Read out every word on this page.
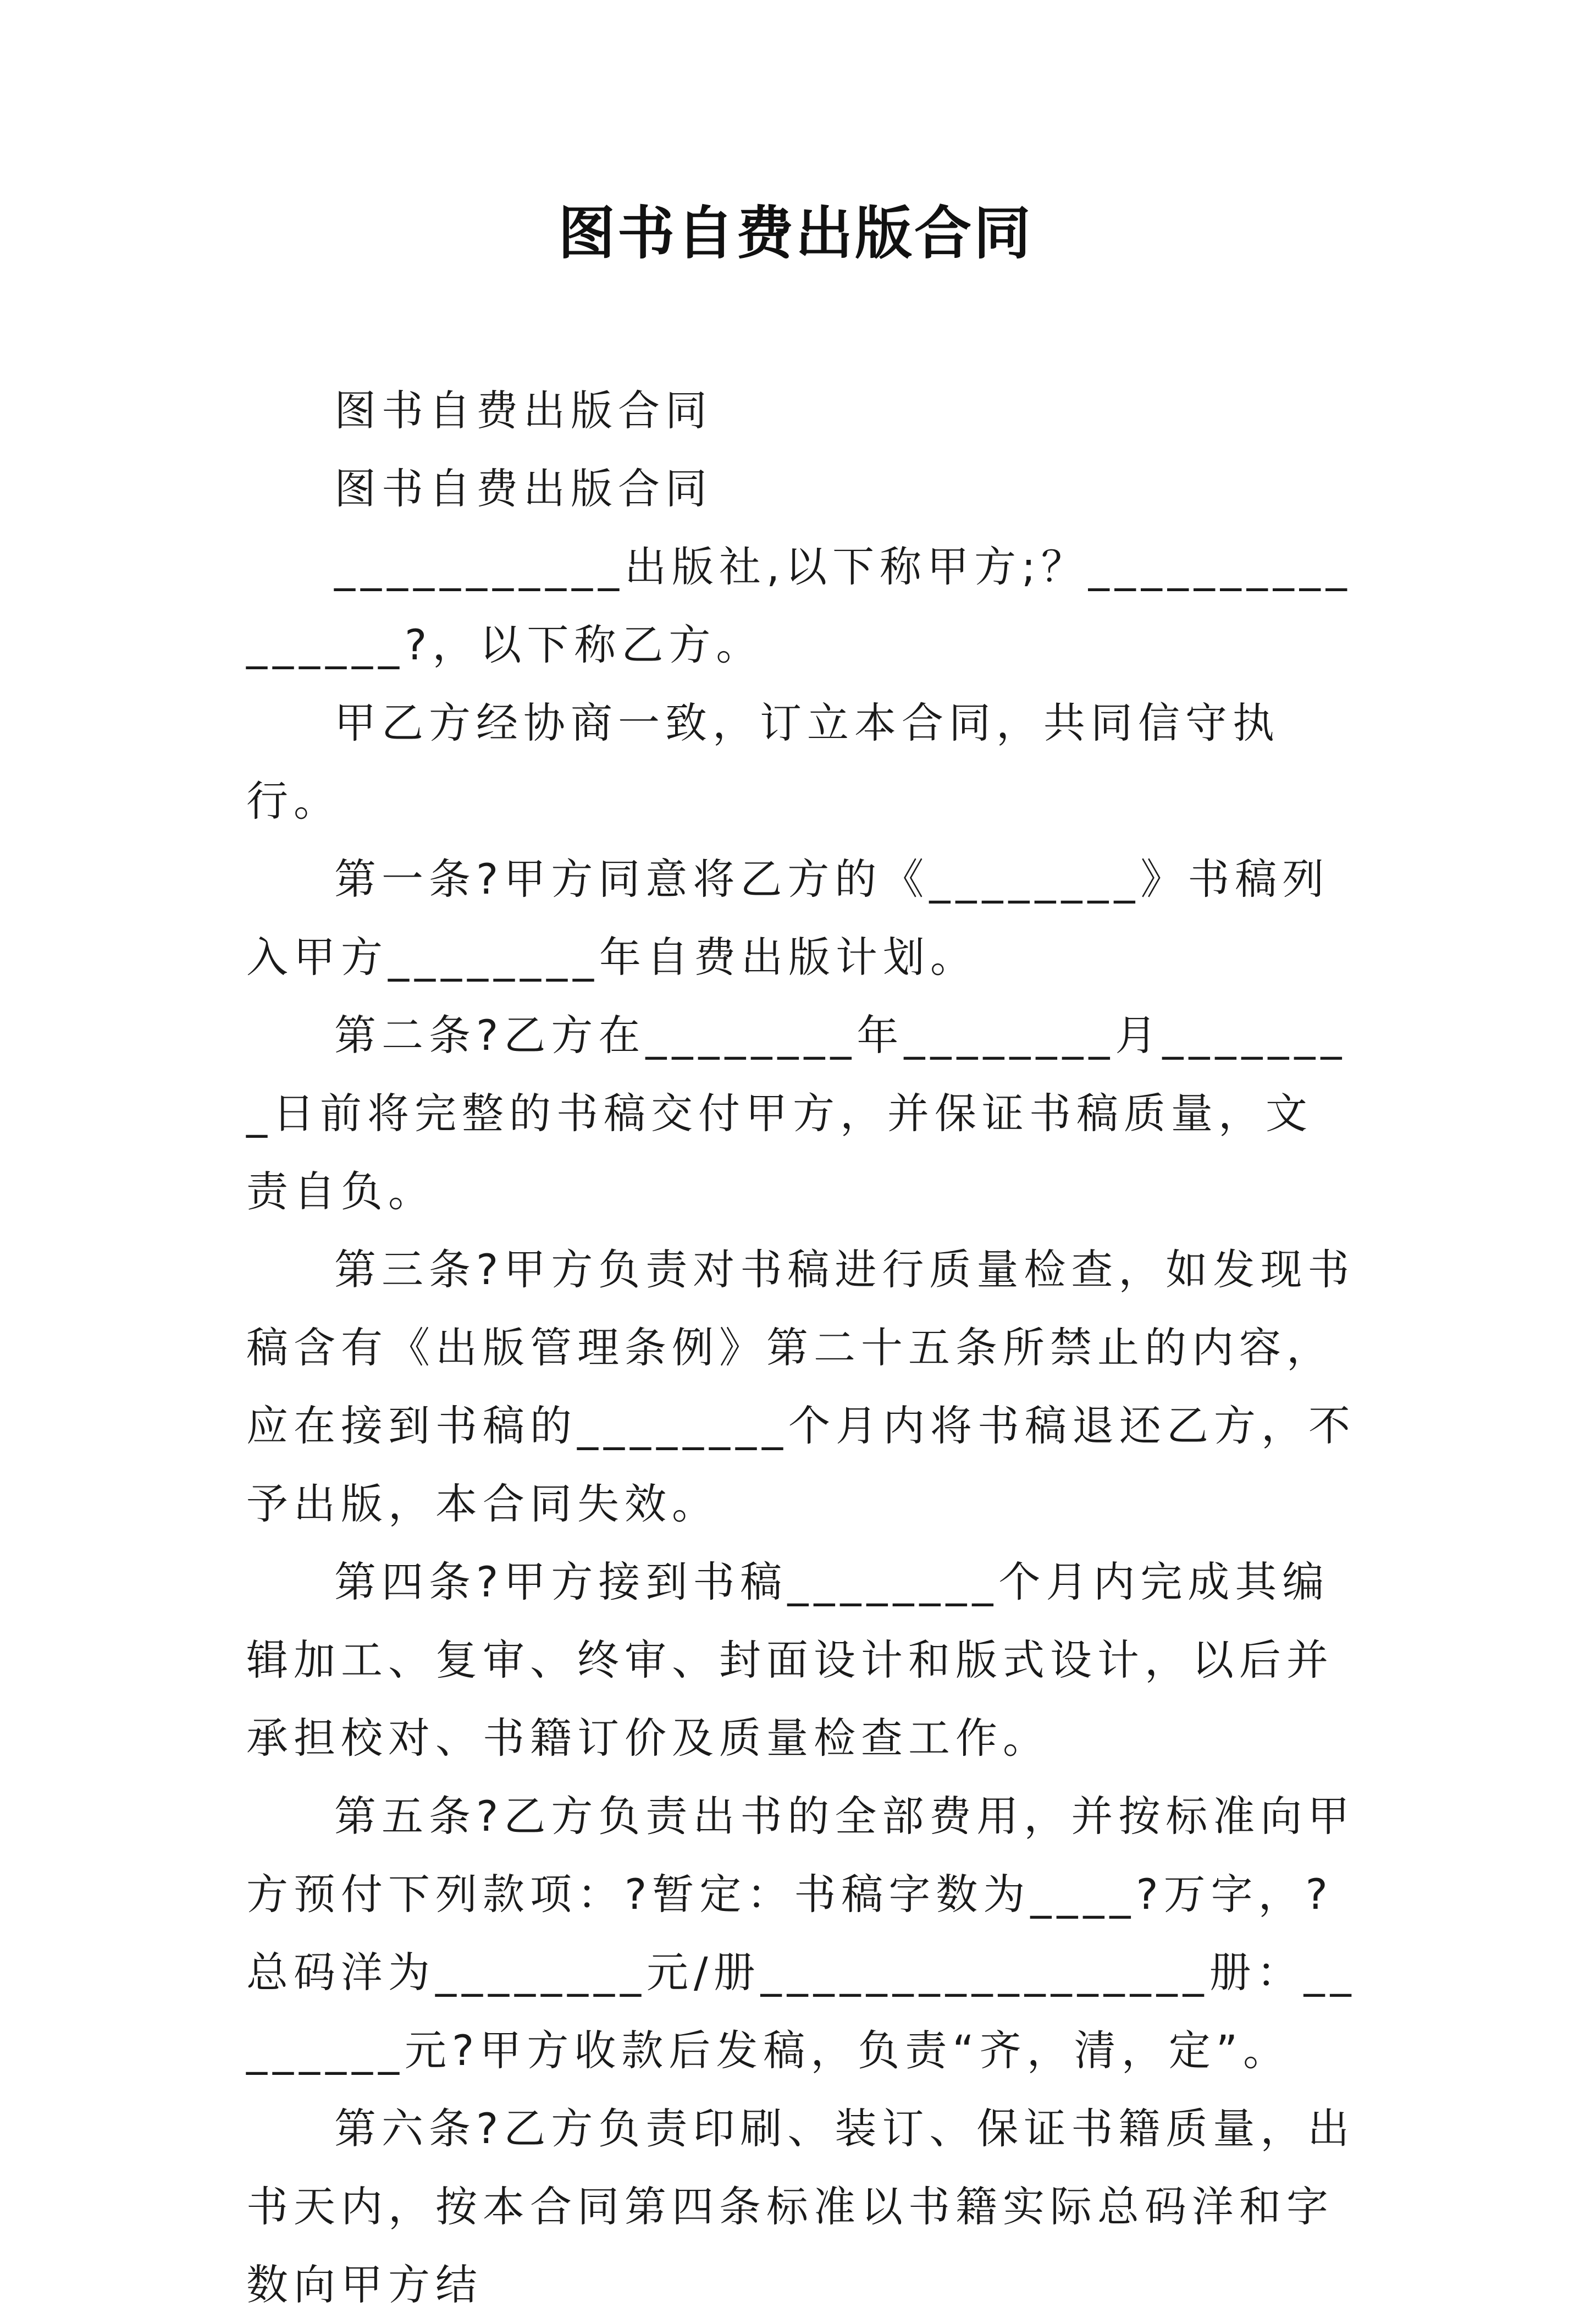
图书自费出版合同

图书自费出版合同

图书自费出版合同

___________出版社,以下称甲方;？________________?，以下称乙方。

甲乙方经协商一致，订立本合同，共同信守执行。

第一条?甲方同意将乙方的《________》书稿列入甲方________年自费出版计划。

第二条?乙方在________年________月________日前将完整的书稿交付甲方，并保证书稿质量，文责自负。

第三条?甲方负责对书稿进行质量检查，如发现书稿含有《出版管理条例》第二十五条所禁止的内容，应在接到书稿的________个月内将书稿退还乙方，不予出版，本合同失效。

第四条?甲方接到书稿________个月内完成其编辑加工、复审、终审、封面设计和版式设计，以后并承担校对、书籍订价及质量检查工作。

第五条?乙方负责出书的全部费用，并按标准向甲方预付下列款项：?暂定：书稿字数为____?万字，?总码洋为________元/册_________________册：________元?甲方收款后发稿，负责“齐，清，定”。

第六条?乙方负责印刷、装订、保证书籍质量，出书天内，按本合同第四条标准以书籍实际总码洋和字数向甲方结
